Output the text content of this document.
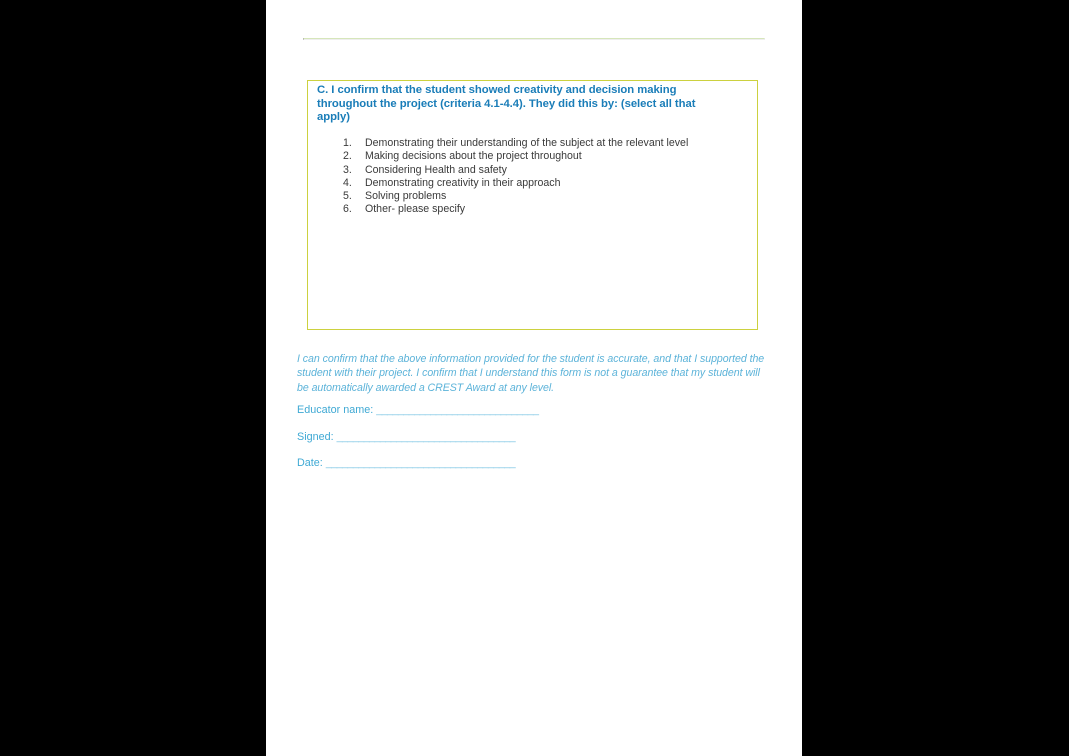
C. I confirm that the student showed creativity and decision making throughout the project (criteria 4.1-4.4). They did this by: (select all that apply)
1.	Demonstrating their understanding of the subject at the relevant level
2.	Making decisions about the project throughout
3.	Considering Health and safety
4.	Demonstrating creativity in their approach
5.	Solving problems
6.	Other- please specify
I can confirm that the above information provided for the student is accurate, and that I supported the student with their project. I confirm that I understand this form is not a guarantee that my student will be automatically awarded a CREST Award at any level.
Educator name: ______________________________
Signed: _________________________________
Date: ___________________________________
